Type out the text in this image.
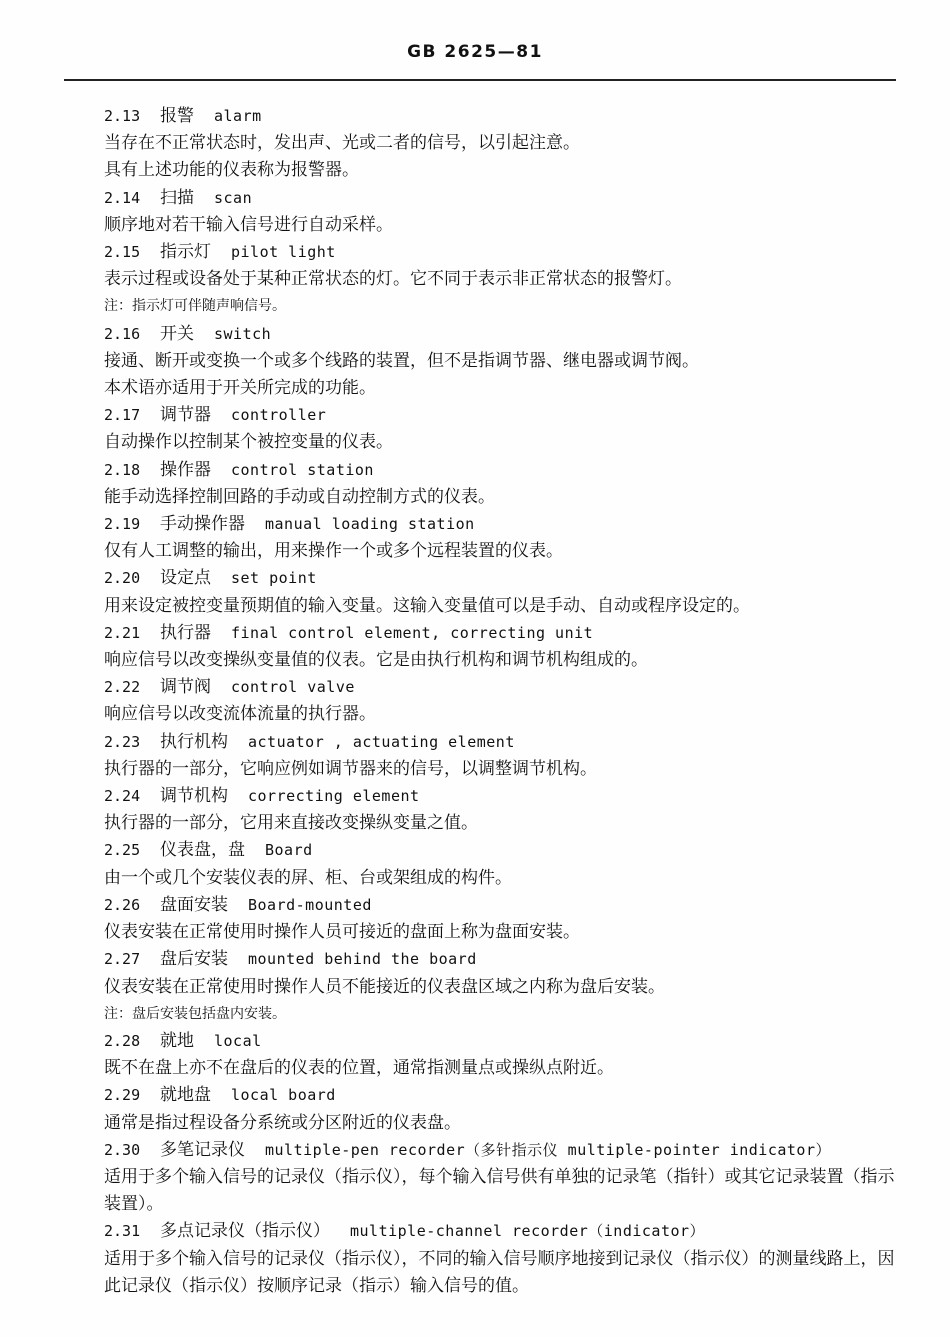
GB 2625—81
2.13 报警 alarm
当存在不正常状态时，发出声、光或二者的信号，以引起注意。
具有上述功能的仪表称为报警器。
2.14 扫描 scan
顺序地对若干输入信号进行自动采样。
2.15 指示灯 pilot light
表示过程或设备处于某种正常状态的灯。它不同于表示非正常状态的报警灯。
注：指示灯可伴随声响信号。
2.16 开关 switch
接通、断开或变换一个或多个线路的装置，但不是指调节器、继电器或调节阀。
本术语亦适用于开关所完成的功能。
2.17 调节器 controller
自动操作以控制某个被控变量的仪表。
2.18 操作器 control station
能手动选择控制回路的手动或自动控制方式的仪表。
2.19 手动操作器 manual loading station
仅有人工调整的输出，用来操作一个或多个远程装置的仪表。
2.20 设定点 set point
用来设定被控变量预期值的输入变量。这输入变量值可以是手动、自动或程序设定的。
2.21 执行器 final control element, correcting unit
响应信号以改变操纵变量值的仪表。它是由执行机构和调节机构组成的。
2.22 调节阀 control valve
响应信号以改变流体流量的执行器。
2.23 执行机构 actuator , actuating element
执行器的一部分，它响应例如调节器来的信号，以调整调节机构。
2.24 调节机构 correcting element
执行器的一部分，它用来直接改变操纵变量之值。
2.25 仪表盘，盘 Board
由一个或几个安装仪表的屏、柜、台或架组成的构件。
2.26 盘面安装 Board-mounted
仪表安装在正常使用时操作人员可接近的盘面上称为盘面安装。
2.27 盘后安装 mounted behind the board
仪表安装在正常使用时操作人员不能接近的仪表盘区域之内称为盘后安装。
注：盘后安装包括盘内安装。
2.28 就地 local
既不在盘上亦不在盘后的仪表的位置，通常指测量点或操纵点附近。
2.29 就地盘 local board
通常是指过程设备分系统或分区附近的仪表盘。
2.30 多笔记录仪 multiple-pen recorder（多针指示仪 multiple-pointer indicator）
适用于多个输入信号的记录仪（指示仪），每个输入信号供有单独的记录笔（指针）或其它记录装置（指示装置）。
2.31 多点记录仪（指示仪） multiple-channel recorder（indicator）
适用于多个输入信号的记录仪（指示仪），不同的输入信号顺序地接到记录仪（指示仪）的测量线路上，因此记录仪（指示仪）按顺序记录（指示）输入信号的值。
